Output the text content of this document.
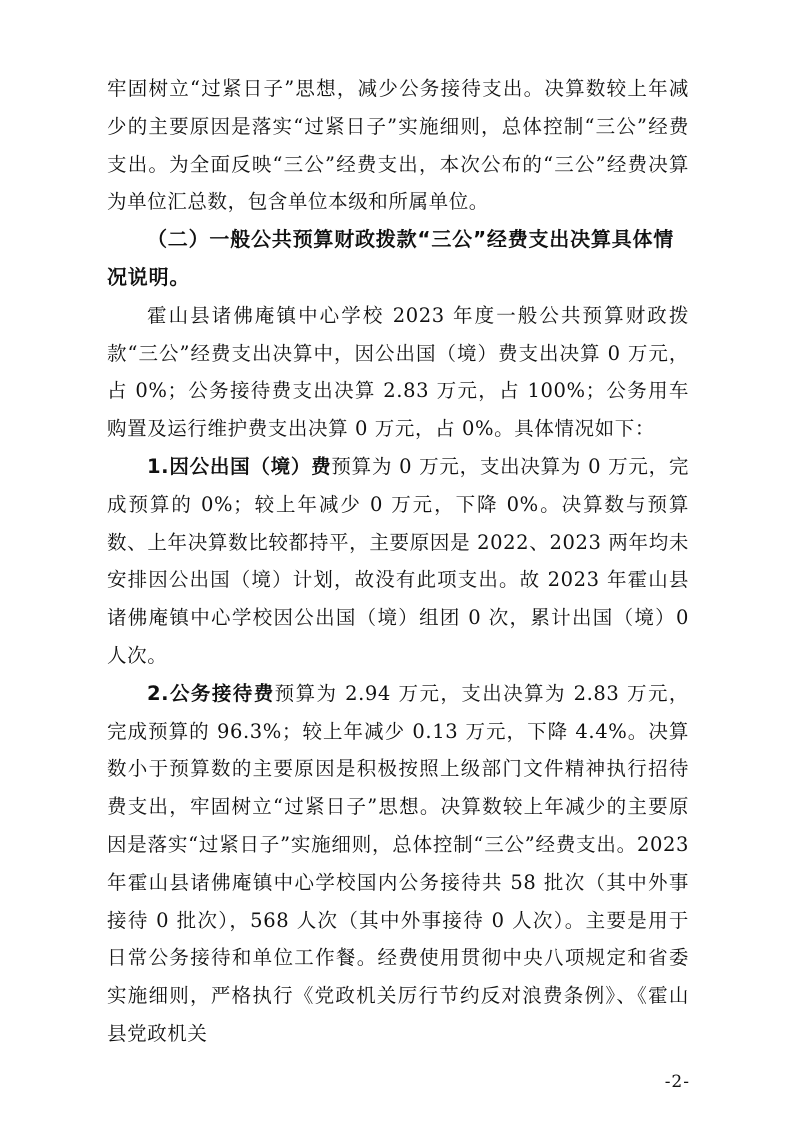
牢固树立“过紧日子”思想，减少公务接待支出。决算数较上年减少的主要原因是落实“过紧日子”实施细则，总体控制“三公”经费支出。为全面反映“三公”经费支出，本次公布的“三公”经费决算为单位汇总数，包含单位本级和所属单位。

（二）一般公共预算财政拨款“三公”经费支出决算具体情况说明。

霍山县诸佛庵镇中心学校 2023 年度一般公共预算财政拨款“三公”经费支出决算中，因公出国（境）费支出决算 0 万元，占 0%；公务接待费支出决算 2.83 万元，占 100%；公务用车购置及运行维护费支出决算 0 万元，占 0%。具体情况如下：

1.因公出国（境）费预算为 0 万元，支出决算为 0 万元，完成预算的 0%；较上年减少 0 万元，下降 0%。决算数与预算数、上年决算数比较都持平，主要原因是 2022、2023 两年均未安排因公出国（境）计划，故没有此项支出。故 2023 年霍山县诸佛庵镇中心学校因公出国（境）组团 0 次，累计出国（境）0 人次。

2.公务接待费预算为 2.94 万元，支出决算为 2.83 万元，完成预算的 96.3%；较上年减少 0.13 万元，下降 4.4%。决算数小于预算数的主要原因是积极按照上级部门文件精神执行招待费支出，牢固树立“过紧日子”思想。决算数较上年减少的主要原因是落实“过紧日子”实施细则，总体控制“三公”经费支出。2023 年霍山县诸佛庵镇中心学校国内公务接待共 58 批次（其中外事接待 0 批次），568 人次（其中外事接待 0 人次）。主要是用于日常公务接待和单位工作餐。经费使用贯彻中央八项规定和省委实施细则，严格执行《党政机关厉行节约反对浪费条例》、《霍山县党政机关

-2-
